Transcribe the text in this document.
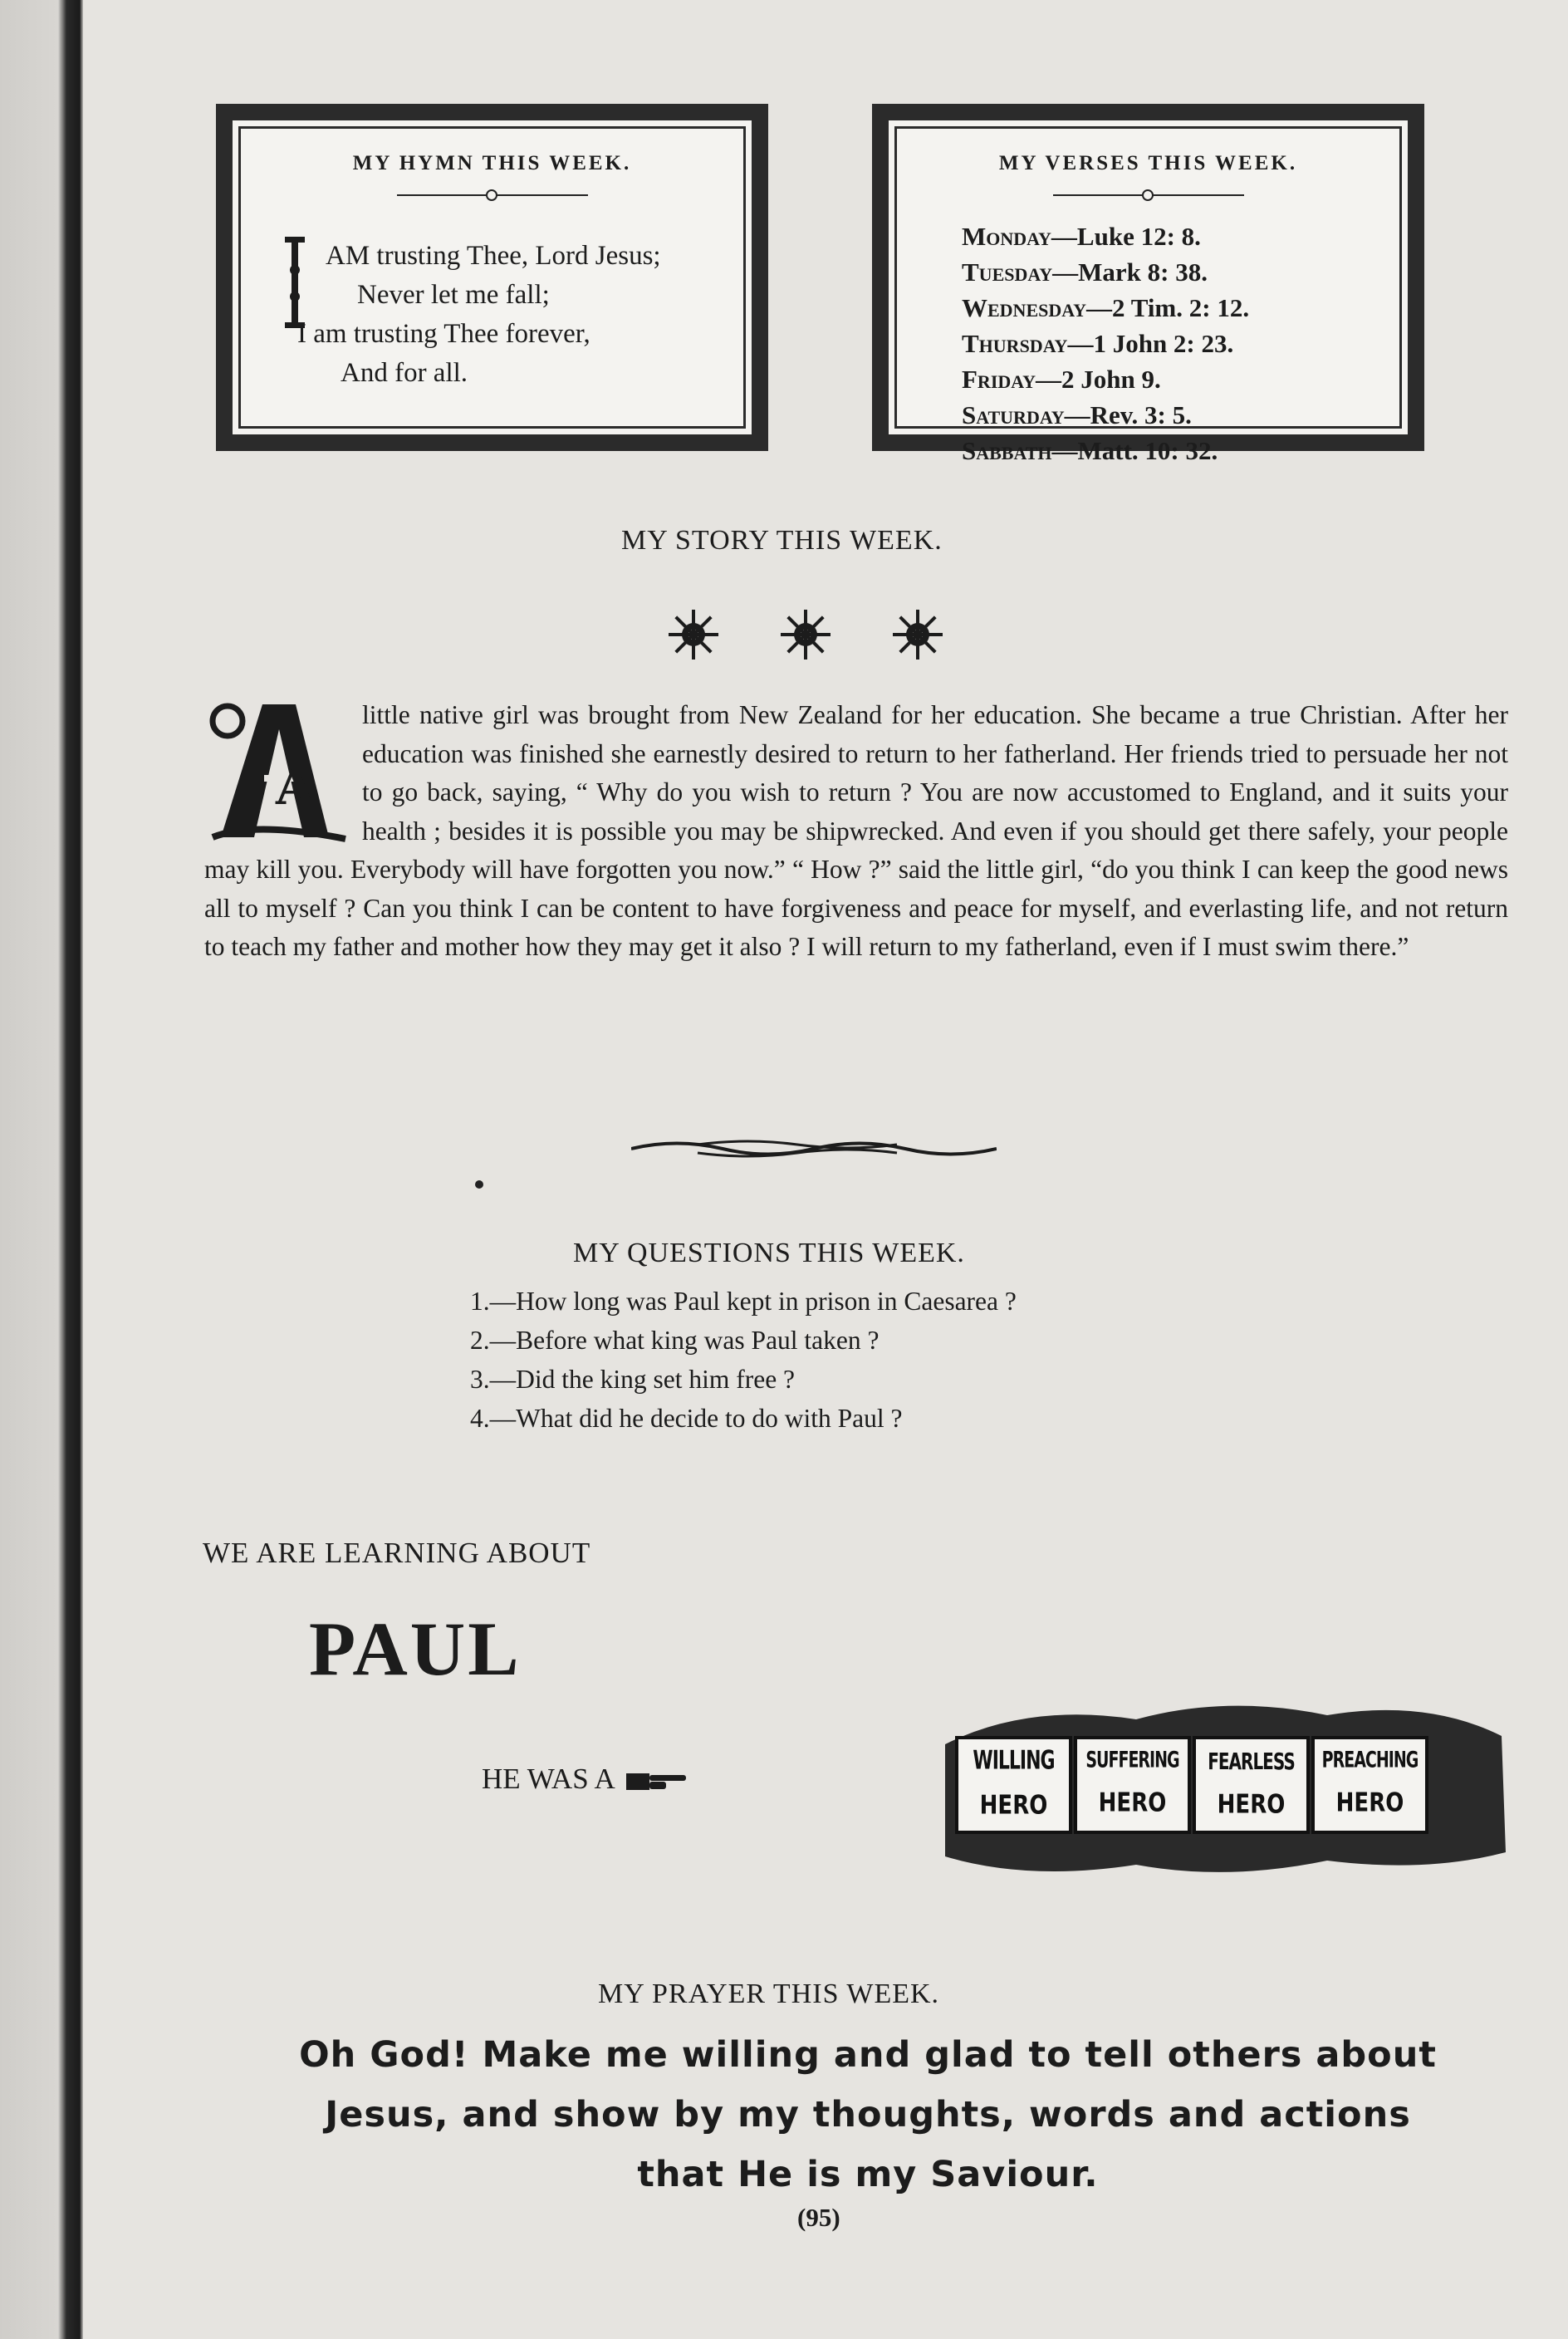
MY HYMN THIS WEEK.
AM trusting Thee, Lord Jesus;
Never let me fall;
I am trusting Thee forever,
And for all.
MY VERSES THIS WEEK.
Monday—Luke 12: 8.
Tuesday—Mark 8: 38.
Wednesday—2 Tim. 2: 12.
Thursday—1 John 2: 23.
Friday—2 John 9.
Saturday—Rev. 3: 5.
Sabbath—Matt. 10: 32.
MY STORY THIS WEEK.
A
little native girl was brought from New Zealand for her education. She became a true Christian. After her education was finished she earnestly desired to return to her fatherland. Her friends tried to persuade her not to go back, saying, “ Why do you wish to return ? You are now accustomed to England, and it suits your health ; besides it is possible you may be shipwrecked. And even if you should get there safely, your people may kill you. Everybody will have forgotten you now.” “ How ?” said the little girl, “do you think I can keep the good news all to myself ? Can you think I can be content to have forgiveness and peace for myself, and everlasting life, and not return to teach my father and mother how they may get it also ? I will return to my fatherland, even if I must swim there.”
MY QUESTIONS THIS WEEK.
1.—How long was Paul kept in prison in Caesarea ?
2.—Before what king was Paul taken ?
3.—Did the king set him free ?
4.—What did he decide to do with Paul ?
WE ARE LEARNING ABOUT
PAUL
HE WAS A
WILLING
HERO
SUFFERING
HERO
FEARLESS
HERO
PREACHING
HERO
MY PRAYER THIS WEEK.
Oh God! Make me willing and glad to tell others about
Jesus, and show by my thoughts, words and actions
that He is my Saviour.
(95)
